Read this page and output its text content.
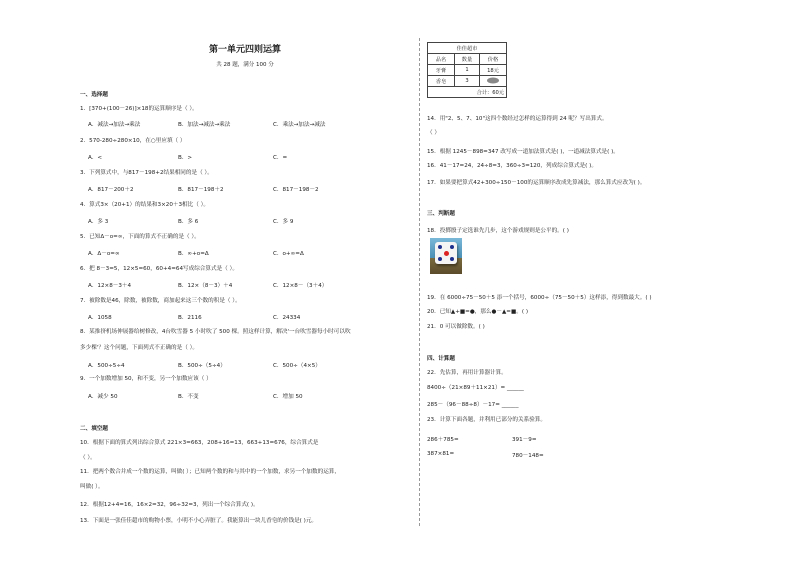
第一单元四则运算
共 28 题，满分 100 分
一、选择题
1．[370+(100－26)]×18的运算顺序是（ ）。
A．减法→加法→乘法	B．加法→减法→乘法	C．乘法→加法→减法
2．570-280÷280×10，在○里应填（ ）
A．<	B．>	C．=
3．下列算式中，与817－198+2结果相同的是（ ）。
A．817－200＋2	B．817－198＋2	C．817－198－2
4．算式3×（20+1）的结果和3×20＋3相比（ ）。
A．多 3	B．多 6	C．多 9
5．已知Δ－o=∞，下面的算式不正确的是（ ）。
A．Δ－o=∞	B．∞+o=Δ	C．o+∞=Δ
6．把 8－3=5，12×5=60，60+4=64写成综合算式是（ ）。
A．12×8－3＋4	B．12×（8－3）＋4	C．12×8－（3＋4）
7．被除数是46，除数，被除数，商加起来这三个数的积是（ ）。
A．1058	B．2116	C．24334
8．某推挤机场伸展器给树修改，4台吹雪器 5 小时吹了 500 棵。照这样计算，解决'一台吹雪器每小时可以吹
多少棵'？这个问题，下面列式不正确的是（ ）。
A．500÷5÷4	B．500÷（5÷4）	C．500÷（4×5）
9．一个加数增加 50，和不变，另一个加数应该（ ）
A．减少 50	B．不变	C．增加 50
二、填空题
10．根据下面的算式列出综合算式 221×3=663，208+16=13，663+13=676，综合算式是
（ ）。
11．把两个数合并成一个数的运算，叫做( ）；已知两个数的和与其中的一个加数，求另一个加数的运算，
叫做( ）。
12．根据12+4=16，16×2=32，96÷32=3，列出一个综合算式( )。
13．下面是一张佳佳超市的购物小票，小明不小心弄脏了。我能算出一块儿香皂的价钱是( )元。
佳佳超市		
品名	数量	价格
牙膏	1	18元
香皂	3	
合计：60元		
14．用"2、5、7、10"这四个数经过怎样的运算得到 24 呢？写出算式。
（ ）
15．根据 1245－898=347 改写成一道加法算式是( )，一道减法算式是( )。
16．41－17=24，24÷8=3，360÷3=120，列成综合算式是( )。
17．如果要把算式42+300÷150－100的运算顺序改成先算减法，那么算式应改为( )。
三、判断题
18．投掷骰子定选谁先几步，这个游戏规则是公平的。( )
19．在 6000÷75－50＋5 添一个括号，6000÷（75－50＋5）这样添，得到数最大。( )
20．已知▲+■=●，那么●－▲=■。( )
21．0 可以做除数。( )
四、计算题
22．先估算，再用计算器计算。
8400÷（21×89＋11×21）= ______
285－（96－88÷8）－17= ______
23．计算下面各题，并利用已部分的关系验算。
286＋785=	391－9=
387×81=	780－148=
